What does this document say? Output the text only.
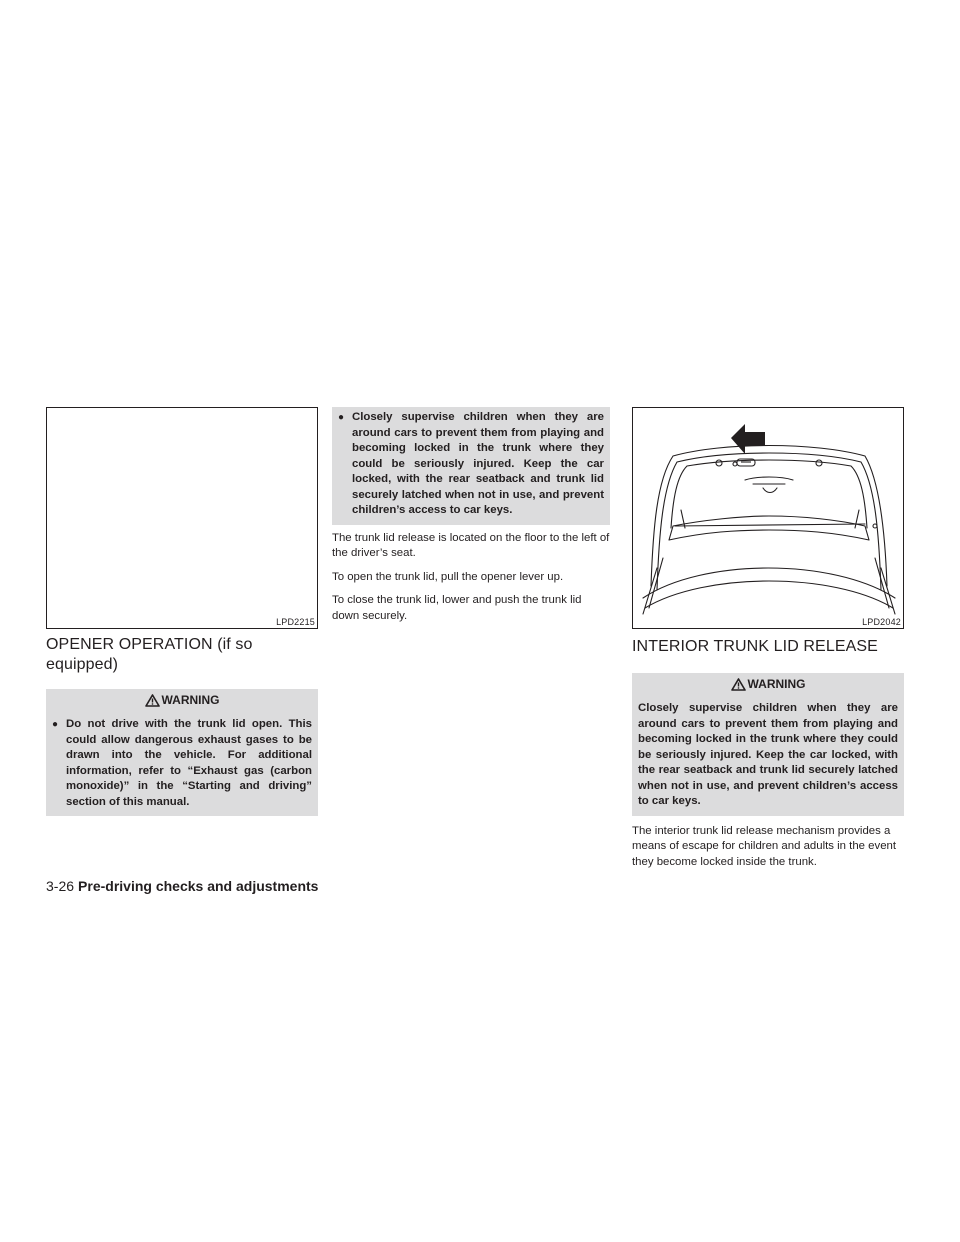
LPD2215
OPENER OPERATION (if so equipped)
WARNING
● Do not drive with the trunk lid open. This could allow dangerous exhaust gases to be drawn into the vehicle. For additional information, refer to “Exhaust gas (carbon monoxide)” in the “Starting and driving” section of this manual.
● Closely supervise children when they are around cars to prevent them from playing and becoming locked in the trunk where they could be seriously injured. Keep the car locked, with the rear seatback and trunk lid securely latched when not in use, and prevent children’s access to car keys.

The trunk lid release is located on the floor to the left of the driver’s seat.

To open the trunk lid, pull the opener lever up.

To close the trunk lid, lower and push the trunk lid down securely.

LPD2042
INTERIOR TRUNK LID RELEASE
WARNING
Closely supervise children when they are around cars to prevent them from playing and becoming locked in the trunk where they could be seriously injured. Keep the car locked, with the rear seatback and trunk lid securely latched when not in use, and prevent children’s access to car keys.

The interior trunk lid release mechanism provides a means of escape for children and adults in the event they become locked inside the trunk.

3-26 Pre-driving checks and adjustments
